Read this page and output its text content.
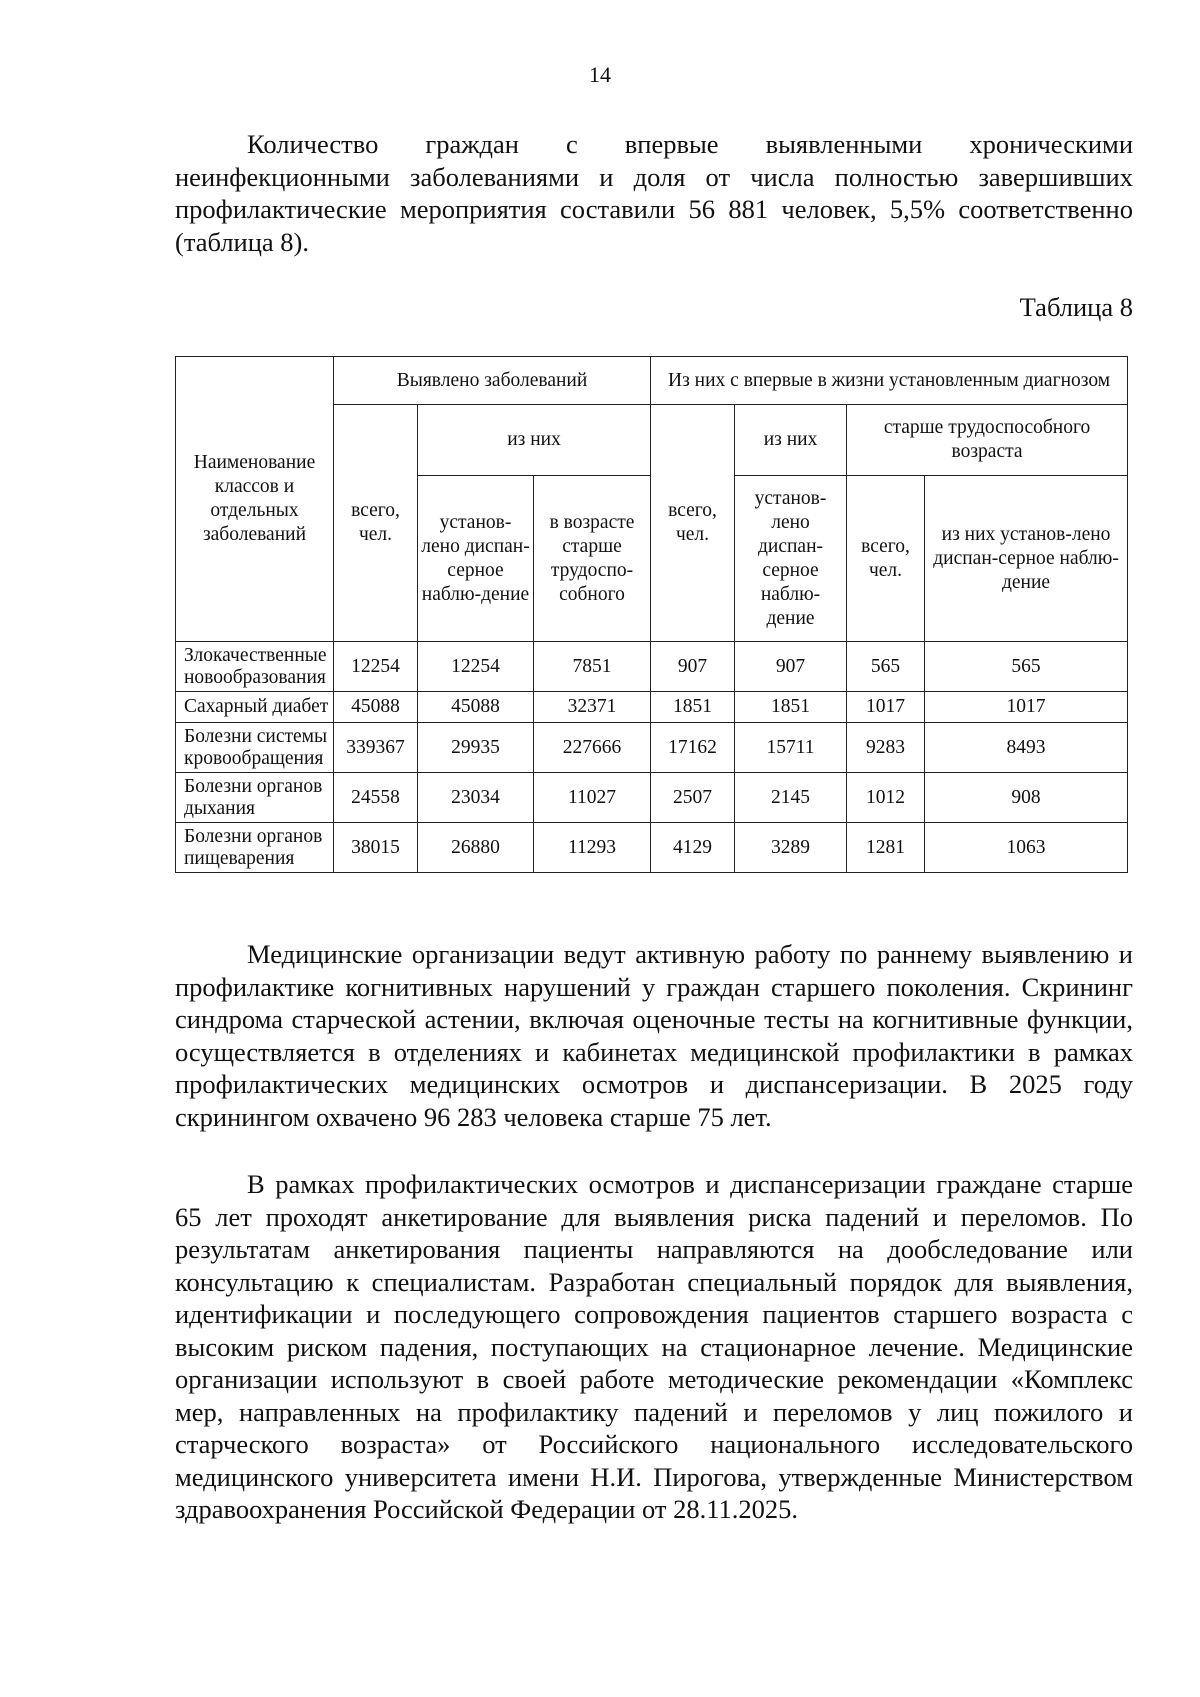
14

Количество граждан с впервые выявленными хроническими неинфекционными заболеваниями и доля от числа полностью завершивших профилактические мероприятия составили 56 881 человек, 5,5% соответственно (таблица 8).

Таблица 8
Наименование классов и отдельных заболеваний	Выявлено заболеваний			Из них с впервые в жизни установленным диагнозом			
	всего, чел.	из них		всего, чел.	из них	старше трудоспособного возраста	
		установ-лено диспан-серное наблю-дение	в возрасте старше трудоспо-собного		установ-лено диспан-серное наблю-дение	всего, чел.	из них установ-лено диспан-серное наблю-дение
Злокачественные новообразования	12254	12254	7851	907	907	565	565
Сахарный диабет	45088	45088	32371	1851	1851	1017	1017
Болезни системы кровообращения	339367	29935	227666	17162	15711	9283	8493
Болезни органов дыхания	24558	23034	11027	2507	2145	1012	908
Болезни органов пищеварения	38015	26880	11293	4129	3289	1281	1063

Медицинские организации ведут активную работу по раннему выявлению и профилактике когнитивных нарушений у граждан старшего поколения. Скрининг синдрома старческой астении, включая оценочные тесты на когнитивные функции, осуществляется в отделениях и кабинетах медицинской профилактики в рамках профилактических медицинских осмотров и диспансеризации. В 2025 году скринингом охвачено 96 283 человека старше 75 лет.

В рамках профилактических осмотров и диспансеризации граждане старше 65 лет проходят анкетирование для выявления риска падений и переломов. По результатам анкетирования пациенты направляются на дообследование или консультацию к специалистам. Разработан специальный порядок для выявления, идентификации и последующего сопровождения пациентов старшего возраста с высоким риском падения, поступающих на стационарное лечение. Медицинские организации используют в своей работе методические рекомендации «Комплекс мер, направленных на профилактику падений и переломов у лиц пожилого и старческого возраста» от Российского национального исследовательского медицинского университета имени Н.И. Пирогова, утвержденные Министерством здравоохранения Российской Федерации от 28.11.2025.
